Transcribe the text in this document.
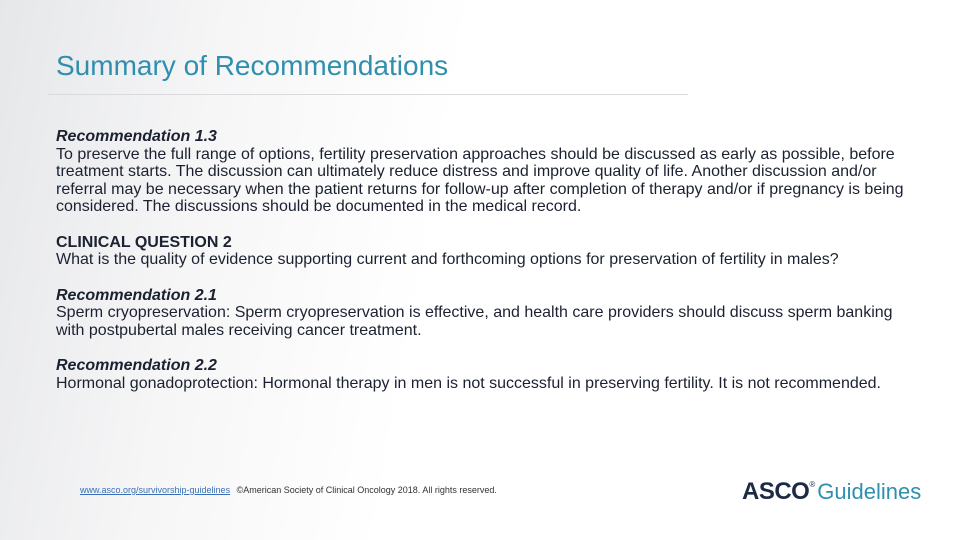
Summary of Recommendations
Recommendation 1.3
To preserve the full range of options, fertility preservation approaches should be discussed as early as possible, before treatment starts. The discussion can ultimately reduce distress and improve quality of life. Another discussion and/or referral may be necessary when the patient returns for follow-up after completion of therapy and/or if pregnancy is being considered. The discussions should be documented in the medical record.
CLINICAL QUESTION 2
What is the quality of evidence supporting current and forthcoming options for preservation of fertility in males?
Recommendation 2.1
Sperm cryopreservation: Sperm cryopreservation is effective, and health care providers should discuss sperm banking with postpubertal males receiving cancer treatment.
Recommendation 2.2
Hormonal gonadoprotection: Hormonal therapy in men is not successful in preserving fertility. It is not recommended.
www.asco.org/survivorship-guidelines ©American Society of Clinical Oncology 2018. All rights reserved.	ASCO ® Guidelines
